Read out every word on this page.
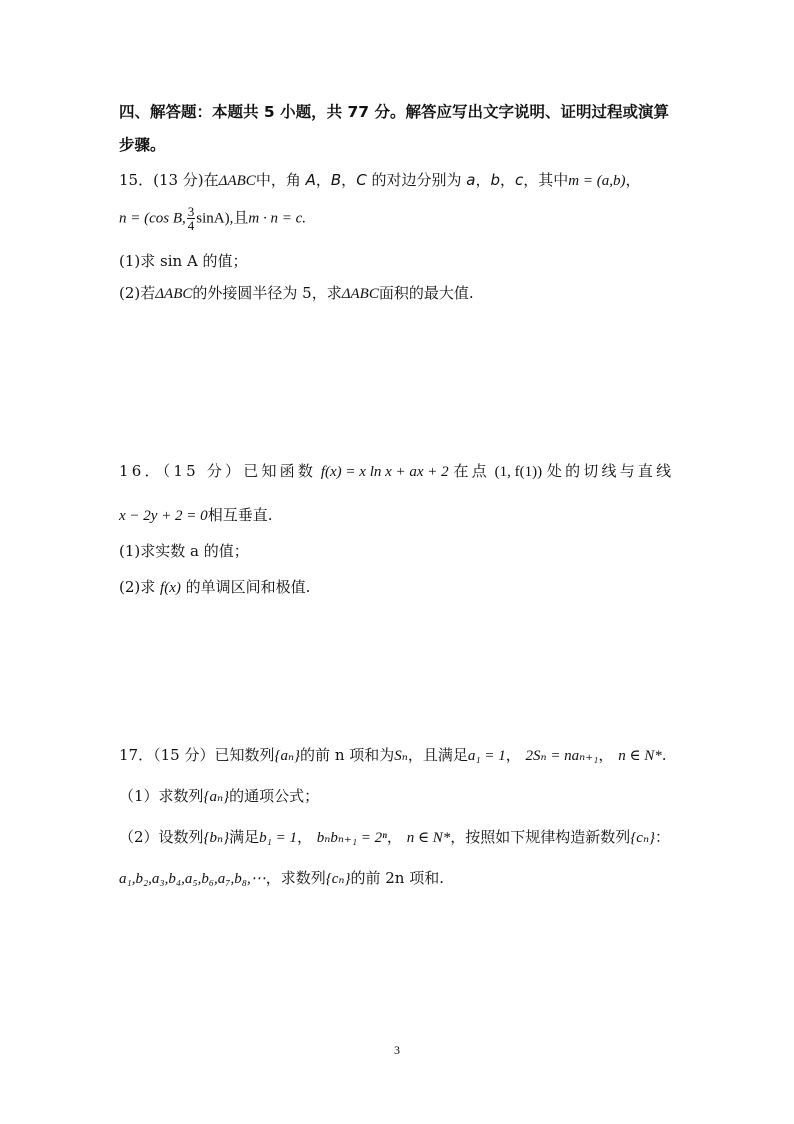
四、解答题：本题共 5 小题，共 77 分。解答应写出文字说明、证明过程或演算
步骤。
15．(13 分)在ΔABC中，角 A，B，C 的对边分别为 a，b，c，其中m = (a,b)，
n = (cos B, $\frac{3}{4} \sin A$),且m · n = c.
(1)求 sin A 的值；
(2)若ΔABC的外接圆半径为 5，求ΔABC面积的最大值.
16．（15 分）已知函数 f(x) = x ln x + ax + 2 在点 (1, f(1)) 处的切线与直线
x − 2y + 2 = 0相互垂直.
(1)求实数 a 的值；
(2)求 f(x) 的单调区间和极值.
17．（15 分）已知数列{aₙ}的前 n 项和为Sₙ，且满足a₁ = 1， 2Sₙ = naₙ₊₁， n ∈ N*.
（1）求数列{aₙ}的通项公式；
（2）设数列{bₙ}满足b₁ = 1， bₙbₙ₊₁ = 2ⁿ， n ∈ N*，按照如下规律构造新数列{cₙ}：
a₁,b₂,a₃,b₄,a₅,b₆,a₇,b₈,⋯，求数列{cₙ}的前 2n 项和.
3
